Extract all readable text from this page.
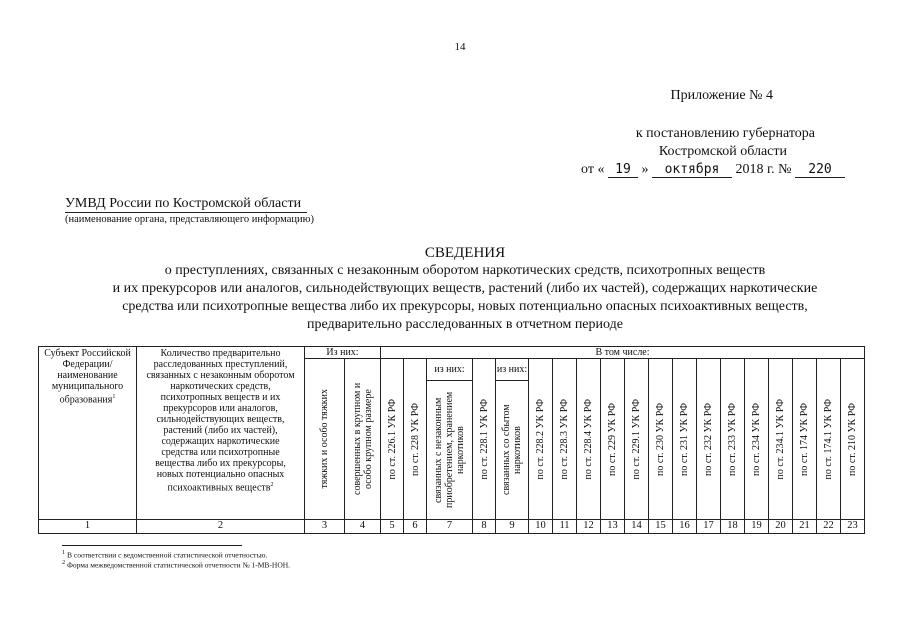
14
Приложение № 4
к постановлению губернатора
Костромской области
от « 19 » октября 2018 г. № 220
УМВД России по Костромской области
(наименование органа, представляющего информацию)
СВЕДЕНИЯ
о преступлениях, связанных с незаконным оборотом наркотических средств, психотропных веществ
и их прекурсоров или аналогов, сильнодействующих веществ, растений (либо их частей), содержащих наркотические
средства или психотропные вещества либо их прекурсоры, новых потенциально опасных психоактивных веществ,
предварительно расследованных в отчетном периоде
Субъект Российской Федерации/ наименование муниципального образования$^1$	Количество предварительно расследованных преступлений, связанных с незаконным оборотом наркотических средств, психотропных веществ и их прекурсоров или аналогов, сильнодействующих веществ, растений (либо их частей), содержащих наркотические средства или психотропные вещества либо их прекурсоры, новых потенциально опасных психоактивных веществ$^2$	Из них:		В том числе:																		

		тяжких и особо тяжких	совершенных в крупном и особо крупном размере	по ст. 226.1 УК РФ	по ст. 228 УК РФ	из них:	по ст. 228.1 УК РФ	из них:	по ст. 228.2 УК РФ	по ст. 228.3 УК РФ	по ст. 228.4 УК РФ	по ст. 229 УК РФ	по ст. 229.1 УК РФ	по ст. 230 УК РФ	по ст. 231 УК РФ	по ст. 232 УК РФ	по ст. 233 УК РФ	по ст. 234 УК РФ	по ст. 234.1 УК РФ	по ст. 174 УК РФ	по ст. 174.1 УК РФ	по ст. 210 УК РФ

						связанных с незаконным приобретением, хранением наркотиков		связанных со сбытом наркотиков														

1	2	3	4	5	6	7	8	9	10	11	12	13	14	15	16	17	18	19	20	21	22	23
$^1$ В соответствии с ведомственной статистической отчетностью.
$^2$ Форма межведомственной статистической отчетности № 1-МВ-НОН.
